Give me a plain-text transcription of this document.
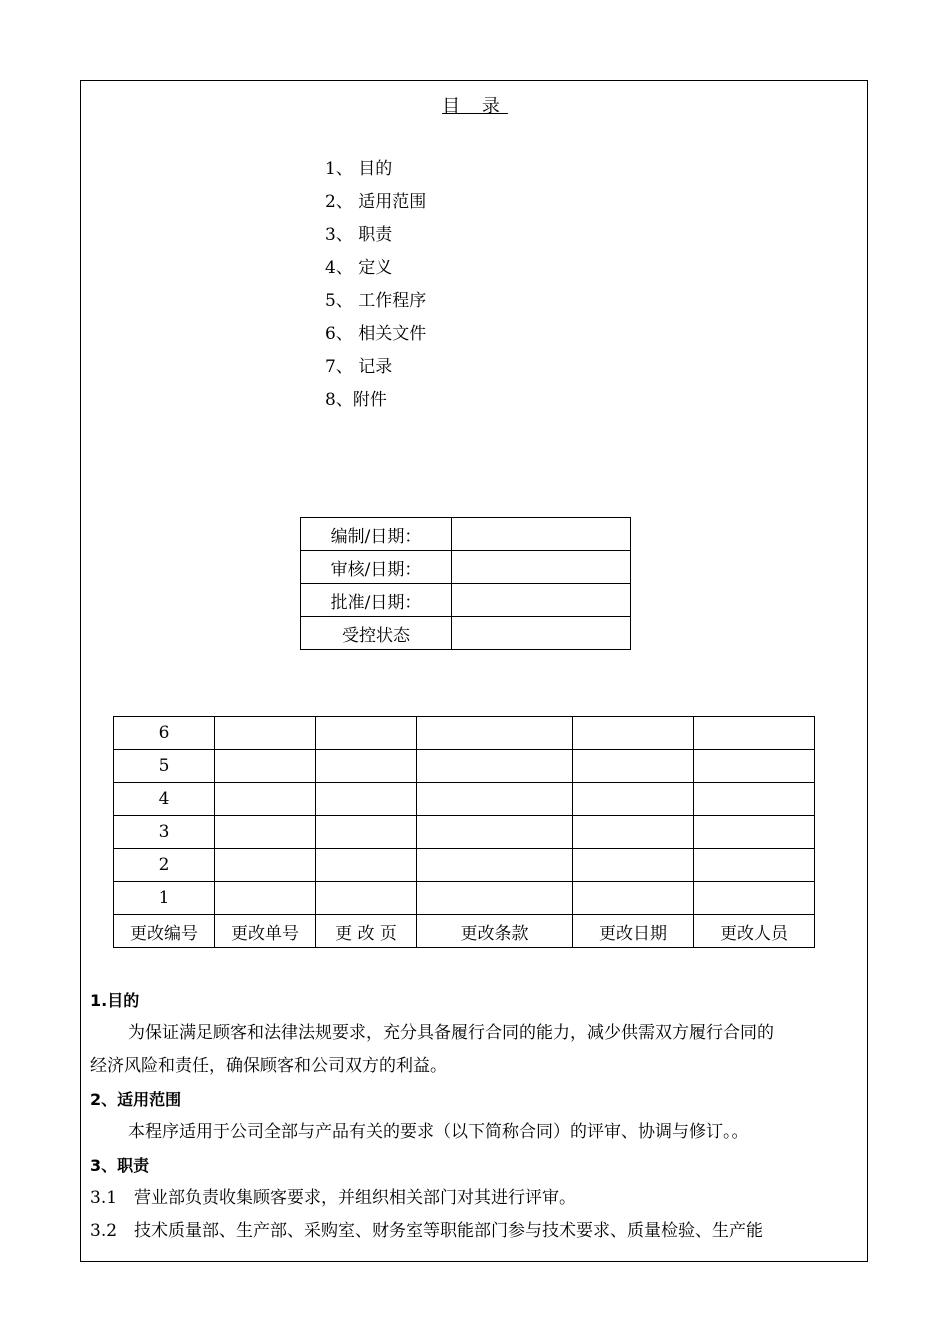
目 录
1、 目的
2、 适用范围
3、 职责
4、 定义
5、 工作程序
6、 相关文件
7、 记录
8、附件
编制/日期：	
审核/日期：	
批准/日期：	
受控状态	
6					
5					
4					
3					
2					
1					
更改编号	更改单号	更 改 页	更改条款	更改日期	更改人员

1.目的

为保证满足顾客和法律法规要求，充分具备履行合同的能力，减少供需双方履行合同的

经济风险和责任，确保顾客和公司双方的利益。

2、适用范围

本程序适用于公司全部与产品有关的要求（以下简称合同）的评审、协调与修订。。

3、职责

3.1　营业部负责收集顾客要求，并组织相关部门对其进行评审。

3.2　技术质量部、生产部、采购室、财务室等职能部门参与技术要求、质量检验、生产能
